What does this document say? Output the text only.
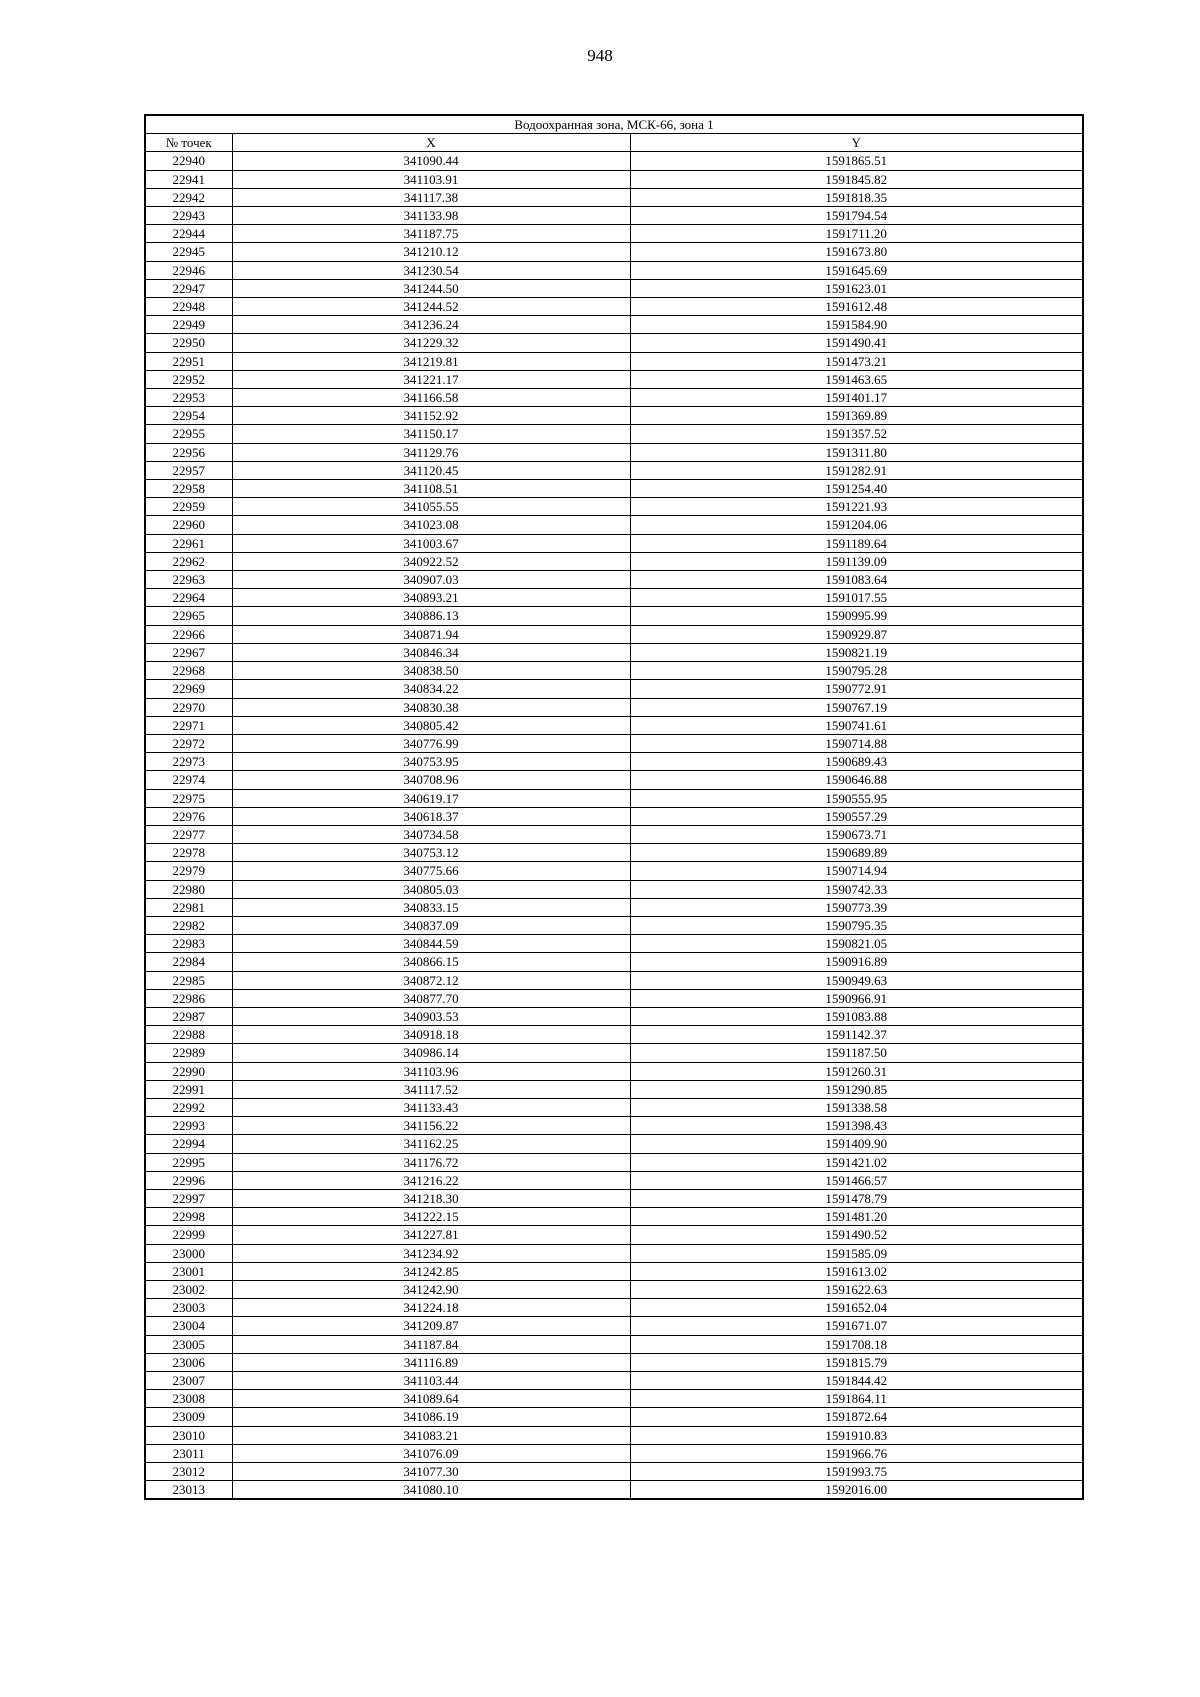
948
Водоохранная зона, МСК-66, зона 1		
№ точек	X	Y
22940	341090.44	1591865.51
22941	341103.91	1591845.82
22942	341117.38	1591818.35
22943	341133.98	1591794.54
22944	341187.75	1591711.20
22945	341210.12	1591673.80
22946	341230.54	1591645.69
22947	341244.50	1591623.01
22948	341244.52	1591612.48
22949	341236.24	1591584.90
22950	341229.32	1591490.41
22951	341219.81	1591473.21
22952	341221.17	1591463.65
22953	341166.58	1591401.17
22954	341152.92	1591369.89
22955	341150.17	1591357.52
22956	341129.76	1591311.80
22957	341120.45	1591282.91
22958	341108.51	1591254.40
22959	341055.55	1591221.93
22960	341023.08	1591204.06
22961	341003.67	1591189.64
22962	340922.52	1591139.09
22963	340907.03	1591083.64
22964	340893.21	1591017.55
22965	340886.13	1590995.99
22966	340871.94	1590929.87
22967	340846.34	1590821.19
22968	340838.50	1590795.28
22969	340834.22	1590772.91
22970	340830.38	1590767.19
22971	340805.42	1590741.61
22972	340776.99	1590714.88
22973	340753.95	1590689.43
22974	340708.96	1590646.88
22975	340619.17	1590555.95
22976	340618.37	1590557.29
22977	340734.58	1590673.71
22978	340753.12	1590689.89
22979	340775.66	1590714.94
22980	340805.03	1590742.33
22981	340833.15	1590773.39
22982	340837.09	1590795.35
22983	340844.59	1590821.05
22984	340866.15	1590916.89
22985	340872.12	1590949.63
22986	340877.70	1590966.91
22987	340903.53	1591083.88
22988	340918.18	1591142.37
22989	340986.14	1591187.50
22990	341103.96	1591260.31
22991	341117.52	1591290.85
22992	341133.43	1591338.58
22993	341156.22	1591398.43
22994	341162.25	1591409.90
22995	341176.72	1591421.02
22996	341216.22	1591466.57
22997	341218.30	1591478.79
22998	341222.15	1591481.20
22999	341227.81	1591490.52
23000	341234.92	1591585.09
23001	341242.85	1591613.02
23002	341242.90	1591622.63
23003	341224.18	1591652.04
23004	341209.87	1591671.07
23005	341187.84	1591708.18
23006	341116.89	1591815.79
23007	341103.44	1591844.42
23008	341089.64	1591864.11
23009	341086.19	1591872.64
23010	341083.21	1591910.83
23011	341076.09	1591966.76
23012	341077.30	1591993.75
23013	341080.10	1592016.00
